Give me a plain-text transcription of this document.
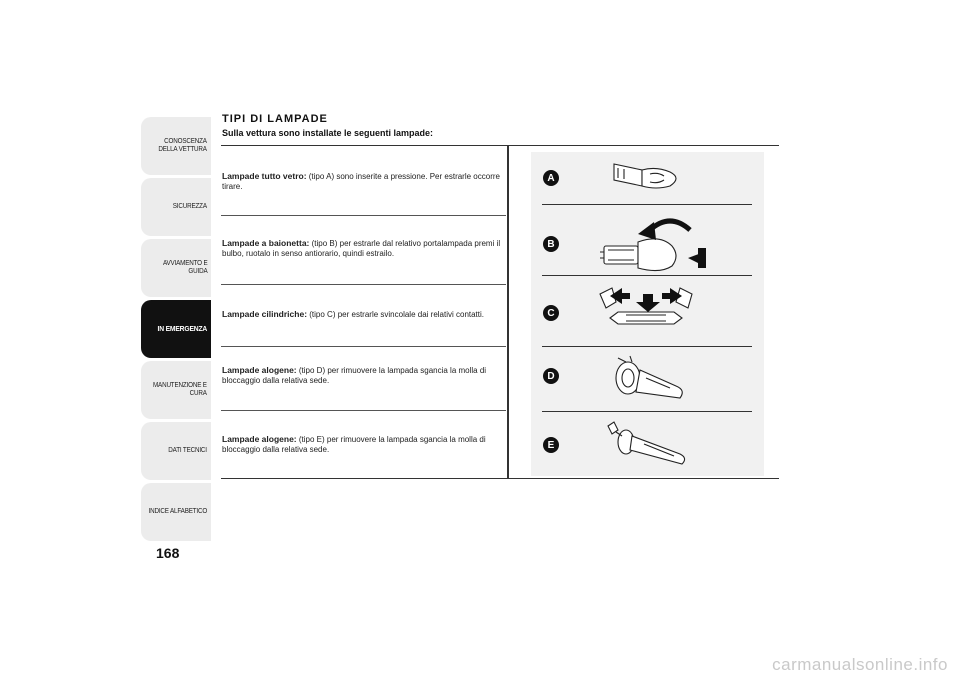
CONOSCENZA
DELLA VETTURA
SICUREZZA
AVVIAMENTO E
GUIDA
IN EMERGENZA
MANUTENZIONE E
CURA
DATI TECNICI
INDICE ALFABETICO
168
TIPI DI LAMPADE
Sulla vettura sono installate le seguenti lampade:
Lampade tutto vetro: (tipo A) sono inserite a pressione. Per estrarle occorre tirare.
Lampade a baionetta: (tipo B) per estrarle dal relativo portalampada premi il bulbo, ruotalo in senso antiorario, quindi estrailo.
Lampade cilindriche: (tipo C) per estrarle svincolale dai relativi contatti.
Lampade alogene: (tipo D) per rimuovere la lampada sgancia la molla di bloccaggio dalla relativa sede.
Lampade alogene: (tipo E) per rimuovere la lampada sgancia la molla di bloccaggio dalla relativa sede.
A
B
C
D
E
carmanualsonline.info
